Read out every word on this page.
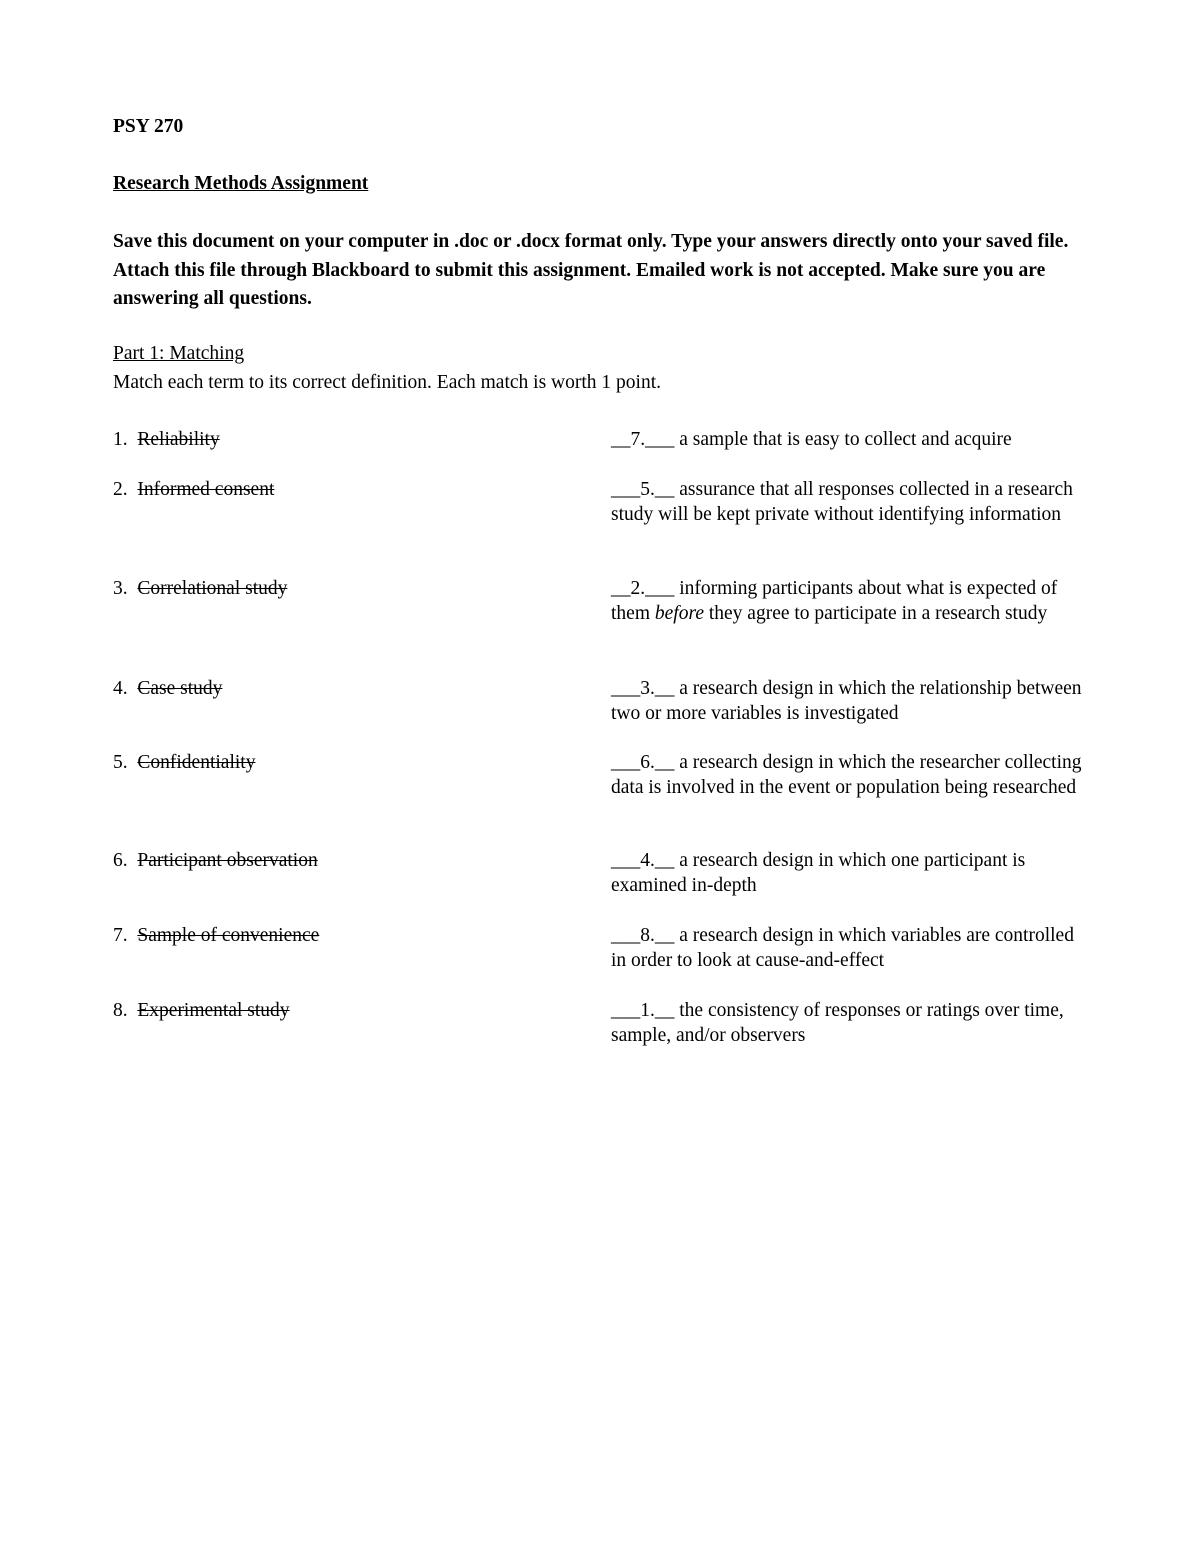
PSY 270
Research Methods Assignment
Save this document on your computer in .doc or .docx format only. Type your answers directly onto your saved file. Attach this file through Blackboard to submit this assignment. Emailed work is not accepted. Make sure you are answering all questions.
Part 1: Matching
Match each term to its correct definition. Each match is worth 1 point.
1. Reliability	__7.___ a sample that is easy to collect and acquire
2. Informed consent	___5.__ assurance that all responses collected in a research study will be kept private without identifying information
3. Correlational study	__2.___ informing participants about what is expected of them before they agree to participate in a research study
4. Case study	___3.__ a research design in which the relationship between two or more variables is investigated
5. Confidentiality	___6.__ a research design in which the researcher collecting data is involved in the event or population being researched
6. Participant observation	___4.__ a research design in which one participant is examined in-depth
7. Sample of convenience	___8.__ a research design in which variables are controlled in order to look at cause-and-effect
8. Experimental study	___1.__ the consistency of responses or ratings over time, sample, and/or observers
